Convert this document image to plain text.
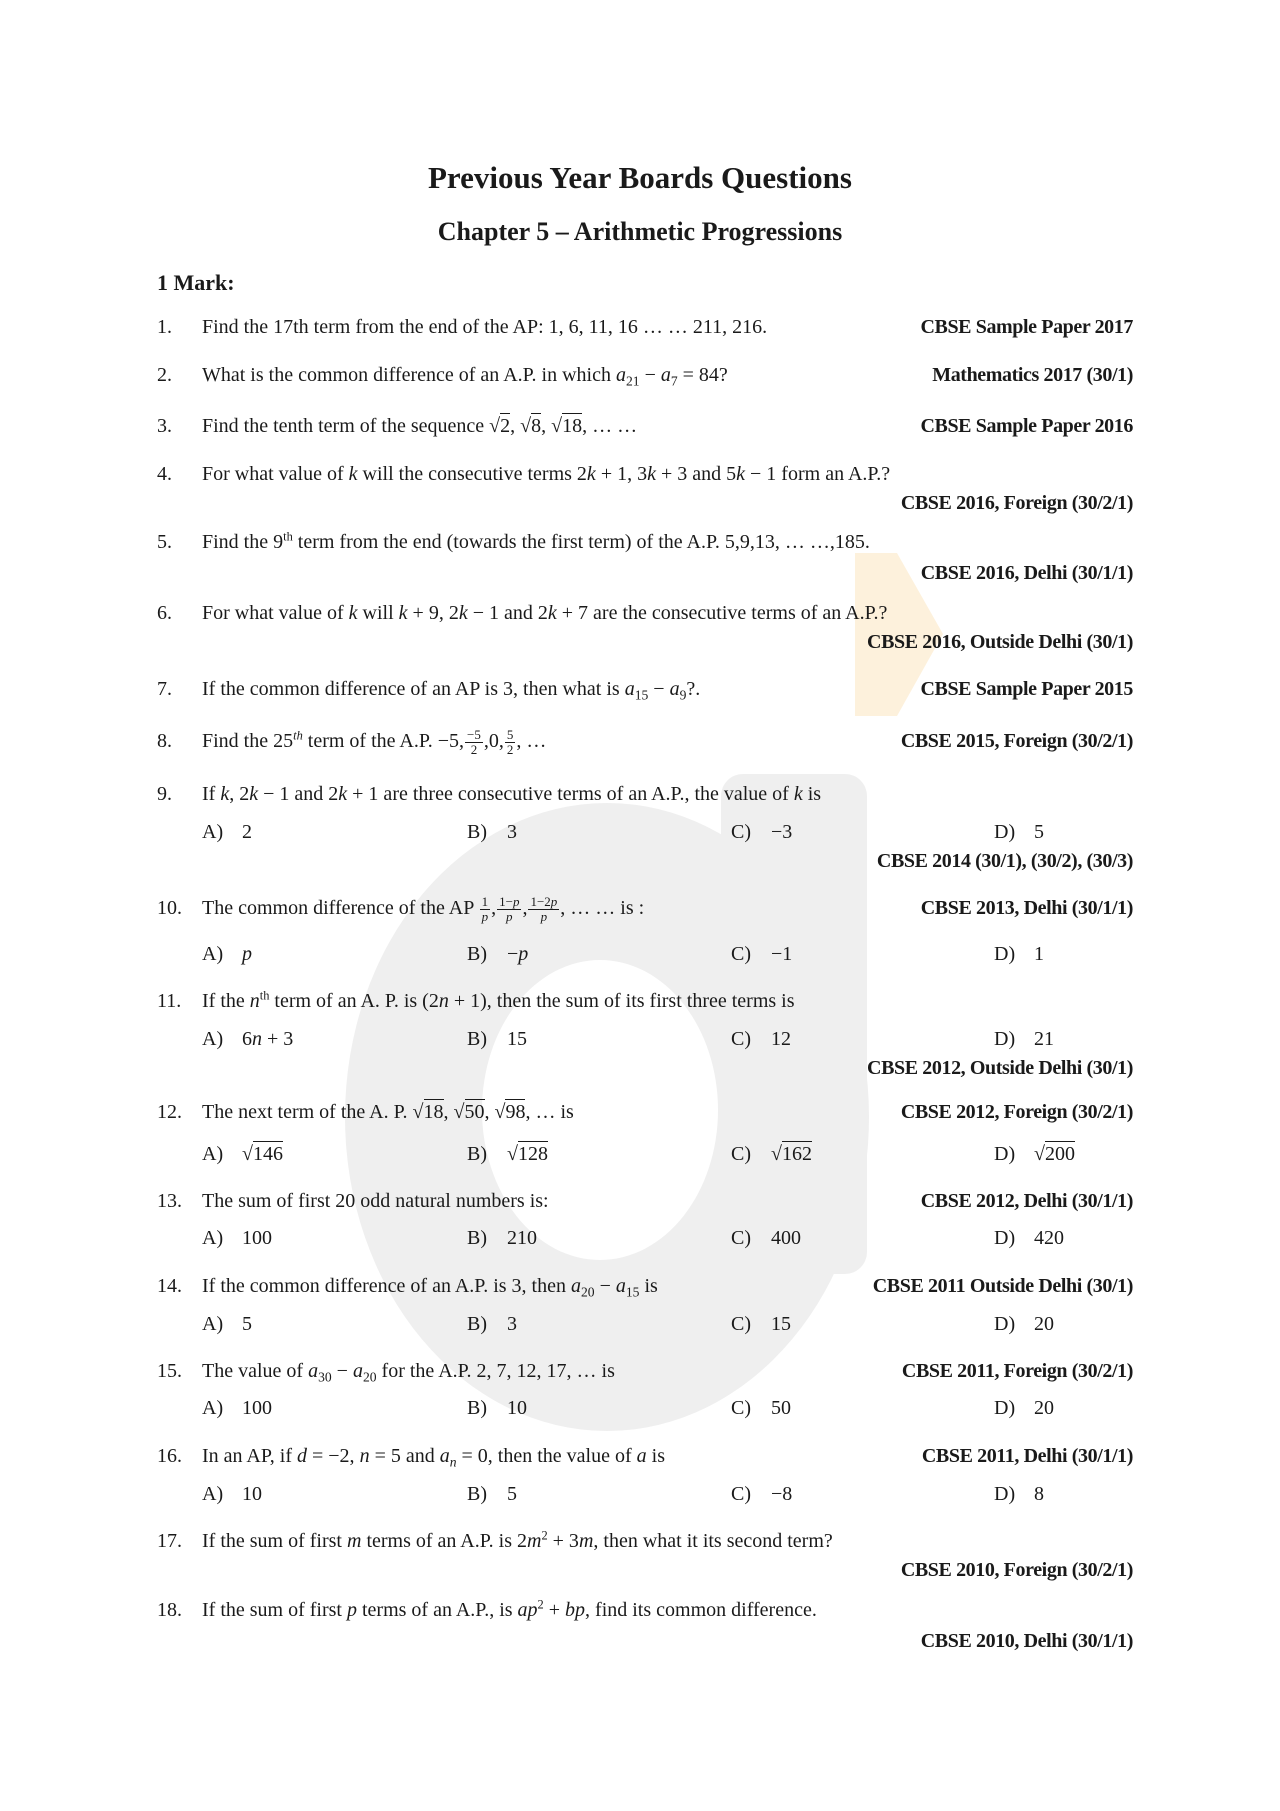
Previous Year Boards Questions
Chapter 5 – Arithmetic Progressions
1 Mark:
1. Find the 17th term from the end of the AP: 1, 6, 11, 16 … … 211, 216.	CBSE Sample Paper 2017
2. What is the common difference of an A.P. in which $a_{21} - a_7 = 84$?	Mathematics 2017 (30/1)
3. Find the tenth term of the sequence √2, √8, √18, … …	CBSE Sample Paper 2016
4. For what value of k will the consecutive terms 2k + 1, 3k + 3 and 5k − 1 form an A.P.?
CBSE 2016, Foreign (30/2/1)
5. Find the 9th term from the end (towards the first term) of the A.P. 5,9,13, … …,185.
CBSE 2016, Delhi (30/1/1)
6. For what value of k will k + 9, 2k − 1 and 2k + 7 are the consecutive terms of an A.P.?
CBSE 2016, Outside Delhi (30/1)
7. If the common difference of an AP is 3, then what is $a_{15} - a_9$?.	CBSE Sample Paper 2015
8. Find the 25th term of the A.P. −5, $\frac{-5}{2} ,0$, $\frac{5}{2}$ , …	CBSE 2015, Foreign (30/2/1)
9. If k, 2k − 1 and 2k + 1 are three consecutive terms of an A.P., the value of k is
A) 2	B) 3	C) −3	D) 5
CBSE 2014 (30/1), (30/2), (30/3)
10. The common difference of the AP $\frac{1}{p}$ , $\frac{1-p}{p}$ , $\frac{1-2p}{p}$ , … … is :	CBSE 2013, Delhi (30/1/1)
A) p	B) −p	C) −1	D) 1
11. If the $n^{th}$ term of an A. P. is (2n + 1), then the sum of its first three terms is
A) 6n + 3	B) 15	C) 12	D) 21
CBSE 2012, Outside Delhi (30/1)
12. The next term of the A. P. √18, √50, √98, … is	CBSE 2012, Foreign (30/2/1)
A) √146	B) √128	C) √162	D) √200
13. The sum of first 20 odd natural numbers is:	CBSE 2012, Delhi (30/1/1)
A) 100	B) 210	C) 400	D) 420
14. If the common difference of an A.P. is 3, then $a_{20} - a_{15}$ is	CBSE 2011 Outside Delhi (30/1)
A) 5	B) 3	C) 15	D) 20
15. The value of $a_{30} - a_{20}$ for the A.P. 2, 7, 12, 17, … is	CBSE 2011, Foreign (30/2/1)
A) 100	B) 10	C) 50	D) 20
16. In an AP, if d = −2, n = 5 and $a_n = 0$, then the value of a is	CBSE 2011, Delhi (30/1/1)
A) 10	B) 5	C) −8	D) 8
17. If the sum of first m terms of an A.P. is $2m^2 + 3m$, then what it its second term?
CBSE 2010, Foreign (30/2/1)
18. If the sum of first p terms of an A.P., is $ap^2$ + bp, find its common difference.
CBSE 2010, Delhi (30/1/1)
